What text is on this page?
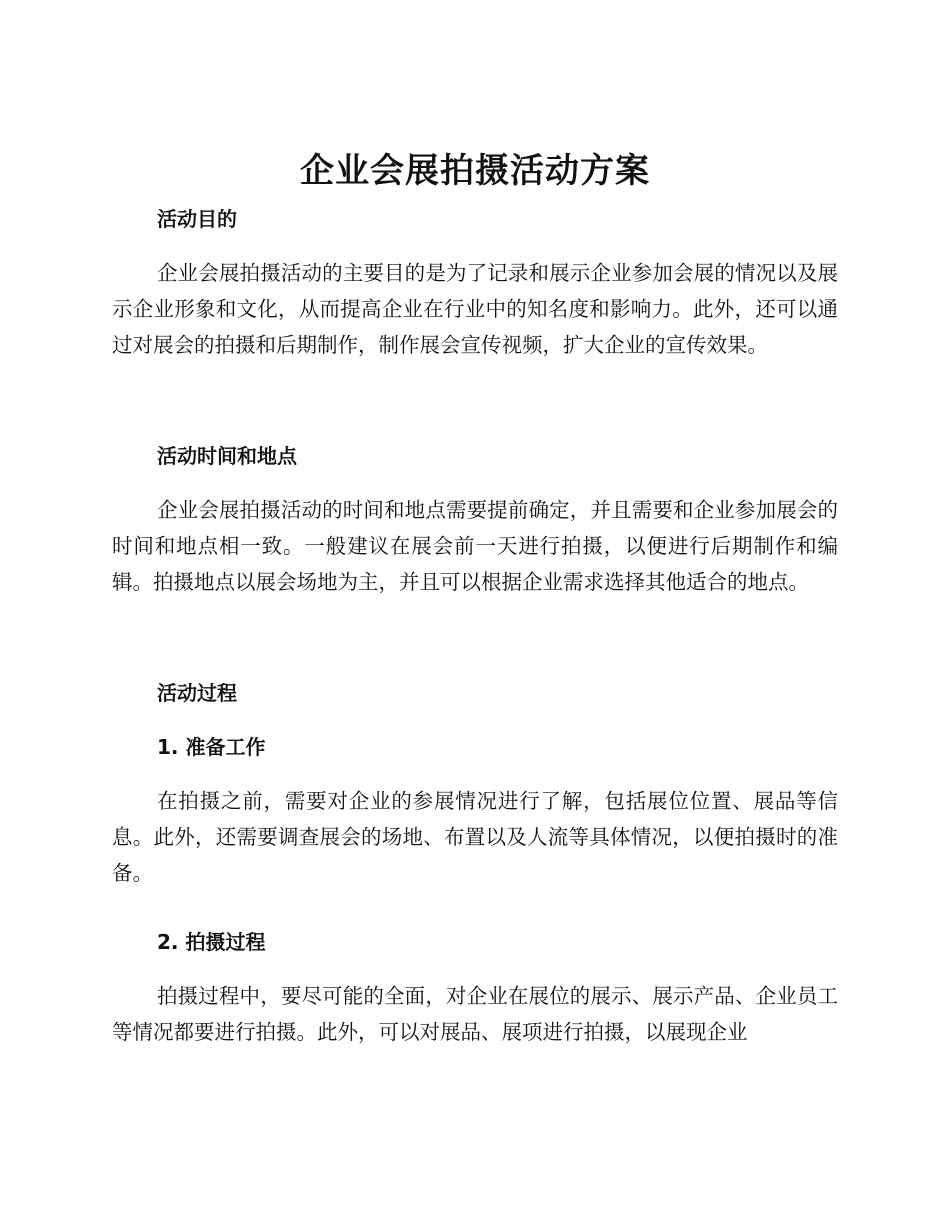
企业会展拍摄活动方案
活动目的

企业会展拍摄活动的主要目的是为了记录和展示企业参加会展的情况以及展示企业形象和文化，从而提高企业在行业中的知名度和影响力。此外，还可以通过对展会的拍摄和后期制作，制作展会宣传视频，扩大企业的宣传效果。

活动时间和地点

企业会展拍摄活动的时间和地点需要提前确定，并且需要和企业参加展会的时间和地点相一致。一般建议在展会前一天进行拍摄，以便进行后期制作和编辑。拍摄地点以展会场地为主，并且可以根据企业需求选择其他适合的地点。

活动过程
1. 准备工作

在拍摄之前，需要对企业的参展情况进行了解，包括展位位置、展品等信息。此外，还需要调查展会的场地、布置以及人流等具体情况，以便拍摄时的准备。

2. 拍摄过程

拍摄过程中，要尽可能的全面，对企业在展位的展示、展示产品、企业员工等情况都要进行拍摄。此外，可以对展品、展项进行拍摄，以展现企业
